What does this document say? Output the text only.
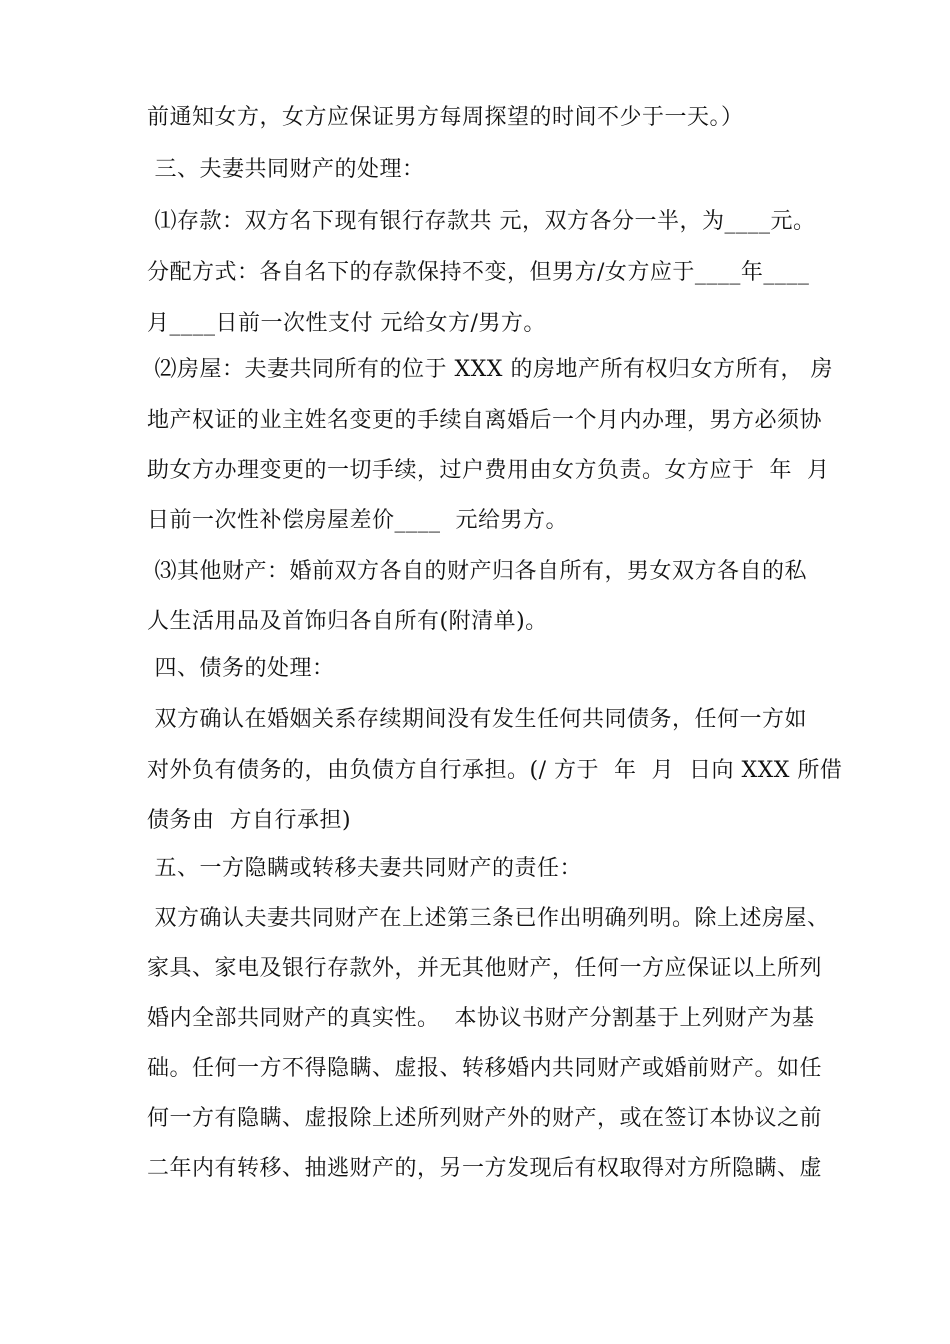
前通知女方，女方应保证男方每周探望的时间不少于一天。）
三、夫妻共同财产的处理：
⑴存款：双方名下现有银行存款共 元，双方各分一半，为____元。
分配方式：各自名下的存款保持不变，但男方/女方应于____年____
月____日前一次性支付 元给女方/男方。
⑵房屋：夫妻共同所有的位于 XXX 的房地产所有权归女方所有， 房
地产权证的业主姓名变更的手续自离婚后一个月内办理，男方必须协
助女方办理变更的一切手续，过户费用由女方负责。女方应于  年  月
日前一次性补偿房屋差价____  元给男方。
⑶其他财产：婚前双方各自的财产归各自所有，男女双方各自的私
人生活用品及首饰归各自所有(附清单)。
四、债务的处理：
双方确认在婚姻关系存续期间没有发生任何共同债务，任何一方如
对外负有债务的，由负债方自行承担。(/ 方于  年  月  日向 XXX 所借
债务由  方自行承担)
五、一方隐瞒或转移夫妻共同财产的责任：
双方确认夫妻共同财产在上述第三条已作出明确列明。除上述房屋、
家具、家电及银行存款外，并无其他财产，任何一方应保证以上所列
婚内全部共同财产的真实性。  本协议书财产分割基于上列财产为基
础。任何一方不得隐瞒、虚报、转移婚内共同财产或婚前财产。如任
何一方有隐瞒、虚报除上述所列财产外的财产，或在签订本协议之前
二年内有转移、抽逃财产的，另一方发现后有权取得对方所隐瞒、虚
